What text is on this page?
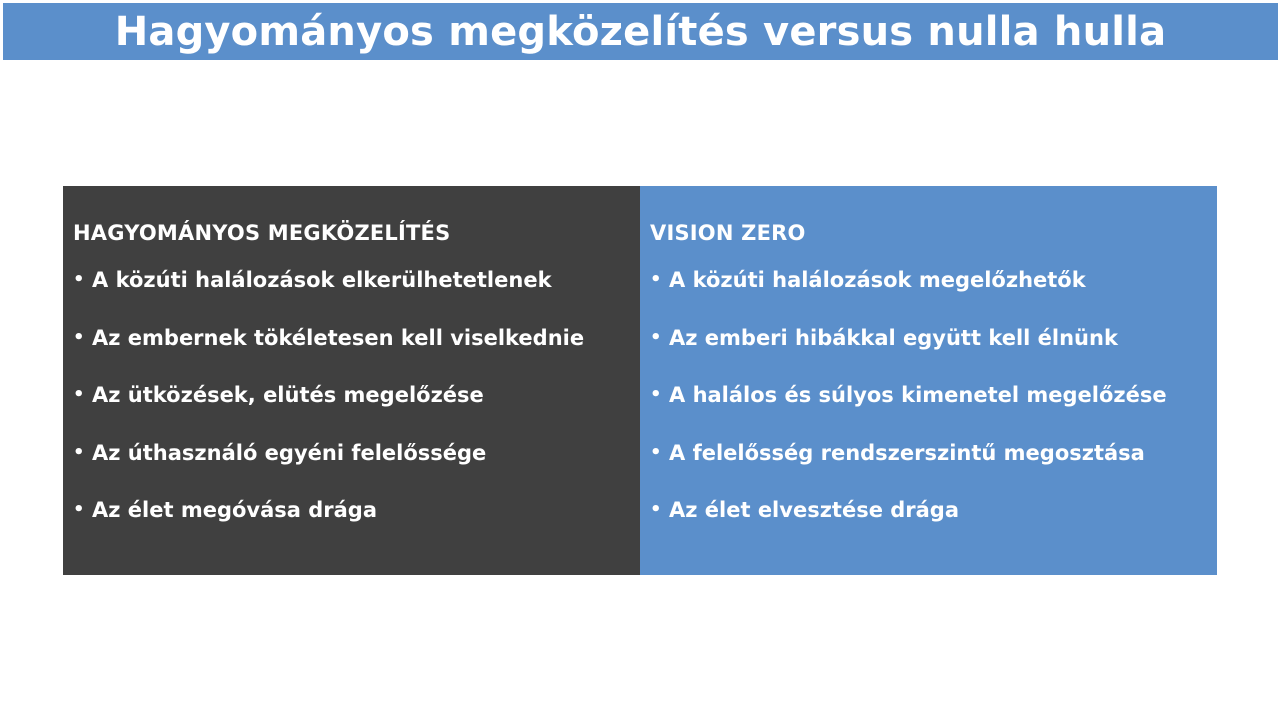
Hagyományos megközelítés versus nulla hulla
HAGYOMÁNYOS MEGKÖZELÍTÉS
• A közúti halálozások elkerülhetetlenek
• Az embernek tökéletesen kell viselkednie
• Az ütközések, elütés megelőzése
• Az úthasználó egyéni felelőssége
• Az élet megóvása drága
VISION ZERO
• A közúti halálozások megelőzhetők
• Az emberi hibákkal együtt kell élnünk
• A halálos és súlyos kimenetel megelőzése
• A felelősség rendszerszintű megosztása
• Az élet elvesztése drága
